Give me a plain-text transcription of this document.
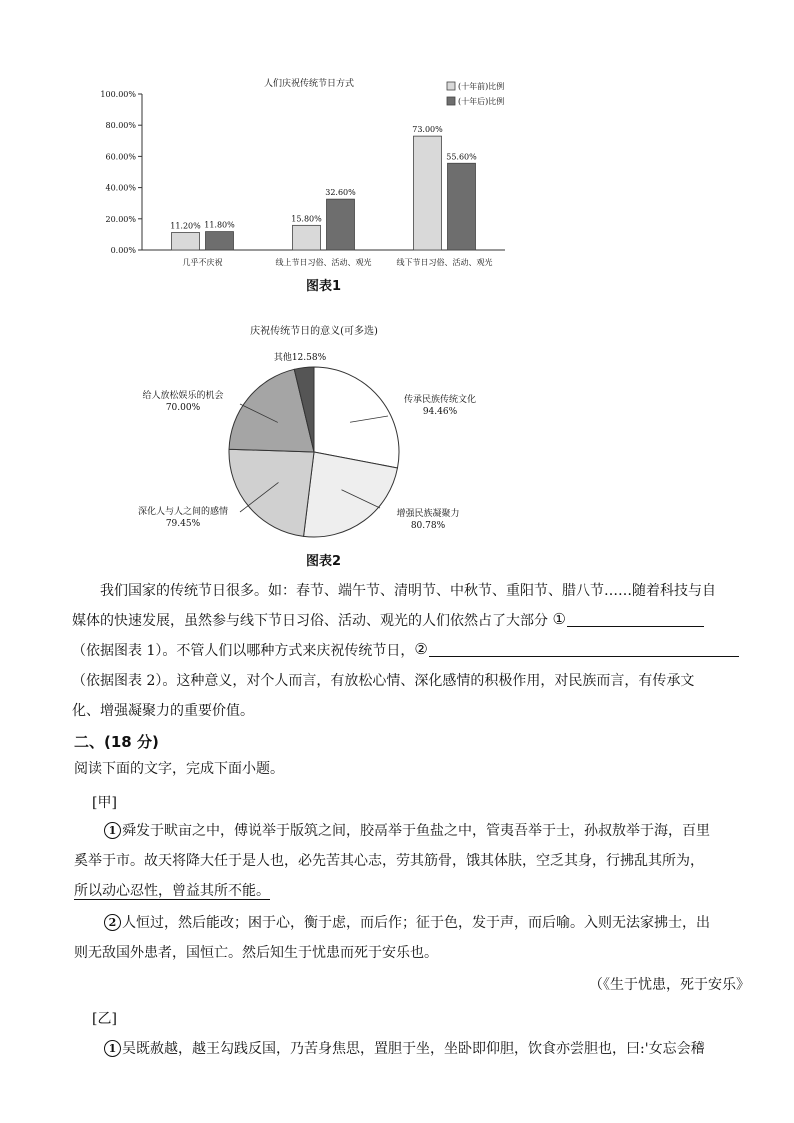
人们庆祝传统节日方式
0.00%
20.00%
40.00%
60.00%
80.00%
100.00%
11.20% 11.80%
15.80%
32.60%
73.00%
55.60%
几乎不庆祝	线上节日习俗、活动、观光	线下节日习俗、活动、观光
(十年前)比例
(十年后)比例
图表1
庆祝传统节日的意义(可多选)
传承民族传统文化
94.46%
增强民族凝聚力
80.78%
深化人与人之间的感情
79.45%
给人放松娱乐的机会
70.00%
其他12.58%
图表2
我们国家的传统节日很多。如：春节、端午节、清明节、中秋节、重阳节、腊八节……随着科技与自
媒体的快速发展，虽然参与线下节日习俗、活动、观光的人们依然占了大部分 ①
（依据图表 1）。不管人们以哪种方式来庆祝传统节日，②
（依据图表 2）。这种意义，对个人而言，有放松心情、深化感情的积极作用，对民族而言，有传承文
化、增强凝聚力的重要价值。
二、(18 分)
阅读下面的文字，完成下面小题。
[甲]
1 舜发于畎亩之中，傅说举于版筑之间，胶鬲举于鱼盐之中，管夷吾举于士，孙叔敖举于海，百里
奚举于市。故天将降大任于是人也，必先苦其心志，劳其筋骨，饿其体肤，空乏其身，行拂乱其所为，
所以动心忍性，曾益其所不能。
2 人恒过，然后能改；困于心，衡于虑，而后作；征于色，发于声，而后喻。入则无法家拂士，出
则无敌国外患者，国恒亡。然后知生于忧患而死于安乐也。
（《生于忧患，死于安乐》
[乙]
1 吴既赦越，越王勾践反国，乃苦身焦思，置胆于坐，坐卧即仰胆，饮食亦尝胆也，曰:'女忘会稽
